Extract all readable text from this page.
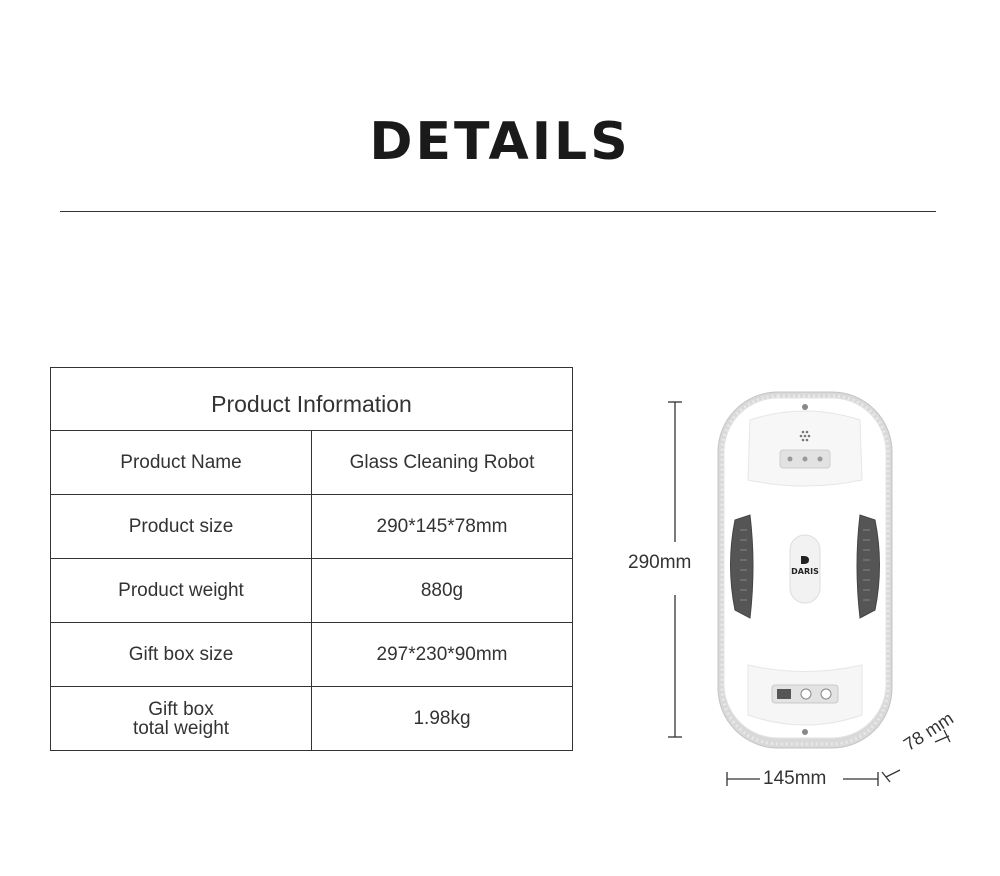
DETAILS
Product Information	
Product Name	Glass Cleaning Robot
Product size	290*145*78mm
Product weight	880g
Gift box size	297*230*90mm

Gift box
total weight	1.98kg
DARIS
290mm
145mm
78 mm
